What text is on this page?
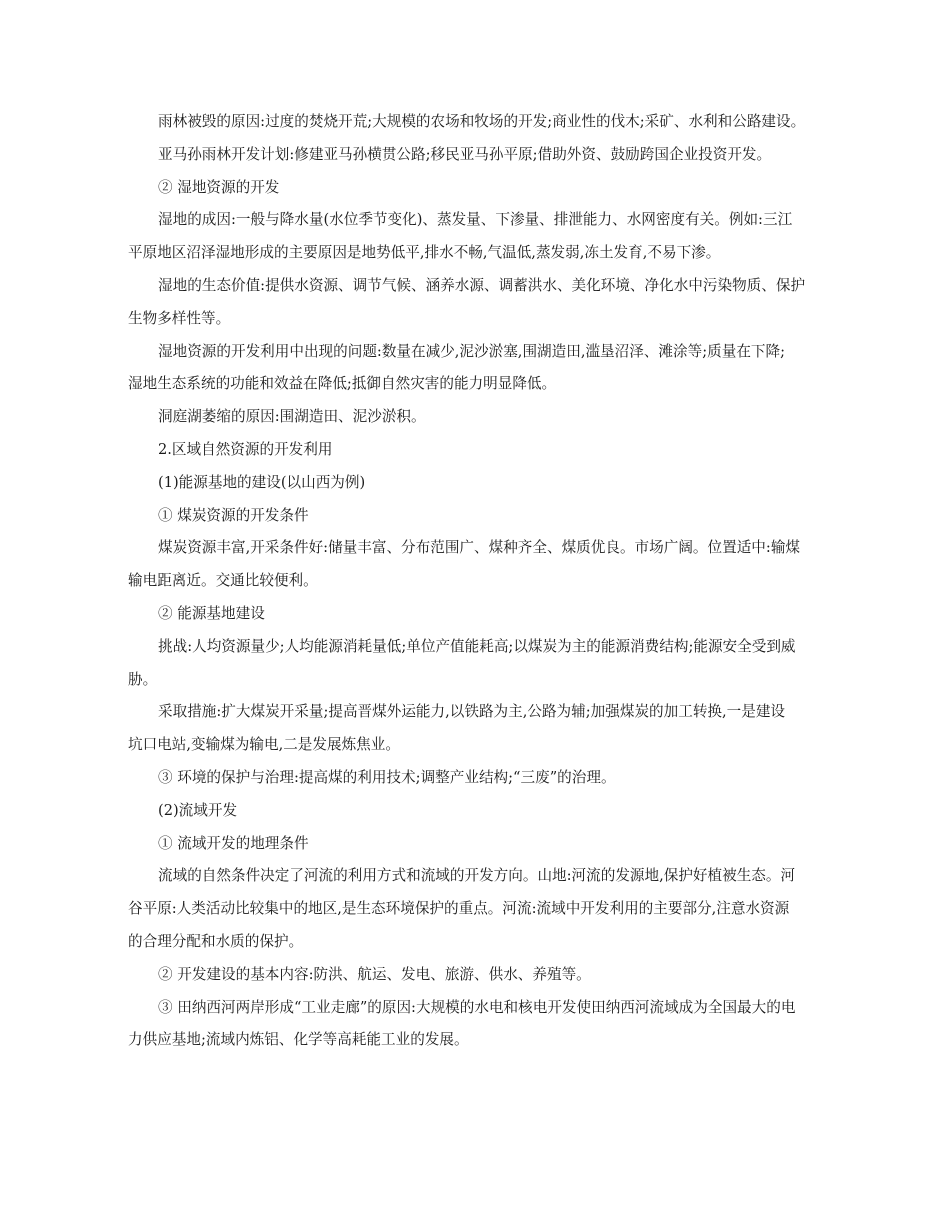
雨林被毁的原因:过度的焚烧开荒;大规模的农场和牧场的开发;商业性的伐木;采矿、水利和公路建设。
亚马孙雨林开发计划:修建亚马孙横贯公路;移民亚马孙平原;借助外资、鼓励跨国企业投资开发。
② 湿地资源的开发
湿地的成因:一般与降水量(水位季节变化)、蒸发量、下渗量、排泄能力、水网密度有关。例如:三江
平原地区沼泽湿地形成的主要原因是地势低平,排水不畅,气温低,蒸发弱,冻土发育,不易下渗。
湿地的生态价值:提供水资源、调节气候、涵养水源、调蓄洪水、美化环境、净化水中污染物质、保护
生物多样性等。
湿地资源的开发利用中出现的问题:数量在减少,泥沙淤塞,围湖造田,滥垦沼泽、滩涂等;质量在下降;
湿地生态系统的功能和效益在降低;抵御自然灾害的能力明显降低。
洞庭湖萎缩的原因:围湖造田、泥沙淤积。
2.区域自然资源的开发利用
(1)能源基地的建设(以山西为例)
① 煤炭资源的开发条件
煤炭资源丰富,开采条件好:储量丰富、分布范围广、煤种齐全、煤质优良。市场广阔。位置适中:输煤
输电距离近。交通比较便利。
② 能源基地建设
挑战:人均资源量少;人均能源消耗量低;单位产值能耗高;以煤炭为主的能源消费结构;能源安全受到威
胁。
采取措施:扩大煤炭开采量;提高晋煤外运能力,以铁路为主,公路为辅;加强煤炭的加工转换,一是建设
坑口电站,变输煤为输电,二是发展炼焦业。
③ 环境的保护与治理:提高煤的利用技术;调整产业结构;“三废”的治理。
(2)流域开发
① 流域开发的地理条件
流域的自然条件决定了河流的利用方式和流域的开发方向。山地:河流的发源地,保护好植被生态。河
谷平原:人类活动比较集中的地区,是生态环境保护的重点。河流:流域中开发利用的主要部分,注意水资源
的合理分配和水质的保护。
② 开发建设的基本内容:防洪、航运、发电、旅游、供水、养殖等。
③ 田纳西河两岸形成“工业走廊”的原因:大规模的水电和核电开发使田纳西河流域成为全国最大的电
力供应基地;流域内炼铝、化学等高耗能工业的发展。
